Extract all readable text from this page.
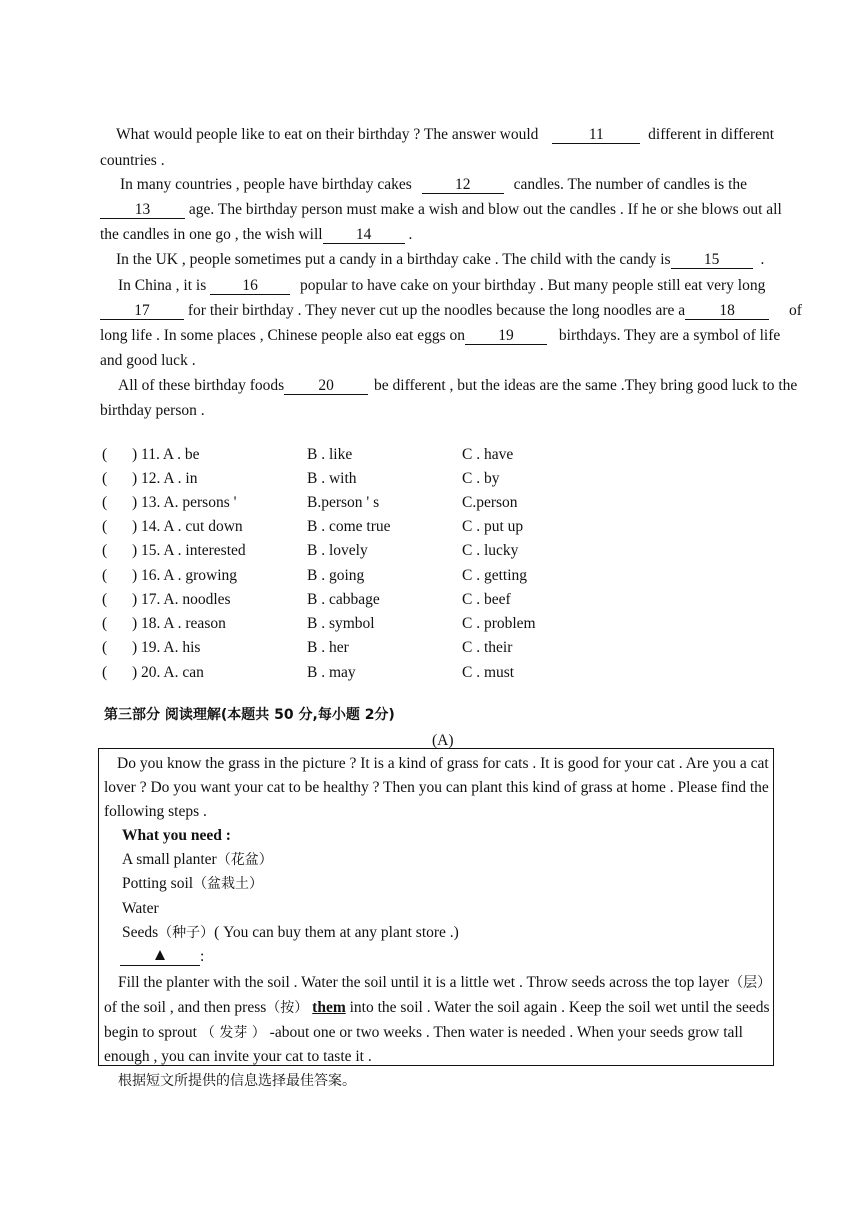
What would people like to eat on their birthday ? The answer would	11	different in different
countries .
In many countries , people have birthday cakes	12	candles. The number of candles is the
13 age. The birthday person must make a wish and blow out the candles . If he or she blows out all
the candles in one go , the wish will 14 .
In the UK , people sometimes put a candy in a birthday cake . The child with the candy is 15	.
In China , it is 16	popular to have cake on your birthday . But many people still eat very long
17 for their birthday . They never cut up the noodles because the long noodles are a 18	of
long life . In some places , Chinese people also eat eggs on 19	birthdays. They are a symbol of life
and good luck .
All of these birthday foods 20	be different , but the ideas are the same .They bring good luck to the
birthday person .
( ) 11. A . be	B . like	C . have
( ) 12. A . in	B . with	C . by
( ) 13. A. persons '	B.person ' s	C.person
( ) 14. A . cut down	B . come true	C . put up
( ) 15. A . interested	B . lovely	C . lucky
( ) 16. A . growing	B . going	C . getting
( ) 17. A. noodles	B . cabbage	C . beef
( ) 18. A . reason	B . symbol	C . problem
( ) 19. A. his	B . her	C . their
( ) 20. A. can	B . may	C . must
第三部分 阅读理解(本题共 50 分,每小题 2分)
(A)
Do you know the grass in the picture ? It is a kind of grass for cats . It is good for your cat . Are you a cat
lover ? Do you want your cat to be healthy ? Then you can plant this kind of grass at home . Please find the
following steps .
What you need :
A small planter（花盆）
Potting soil（盆栽土）
Water
Seeds（种子）( You can buy them at any plant store .)
:
Fill the planter with the soil . Water the soil until it is a little wet . Throw seeds across the top layer（层）
of the soil , and then press（按） them into the soil . Water the soil again . Keep the soil wet until the seeds
begin to sprout （ 发芽 ） -about one or two weeks . Then water is needed . When your seeds grow tall
enough , you can invite your cat to taste it .
根据短文所提供的信息选择最佳答案。
